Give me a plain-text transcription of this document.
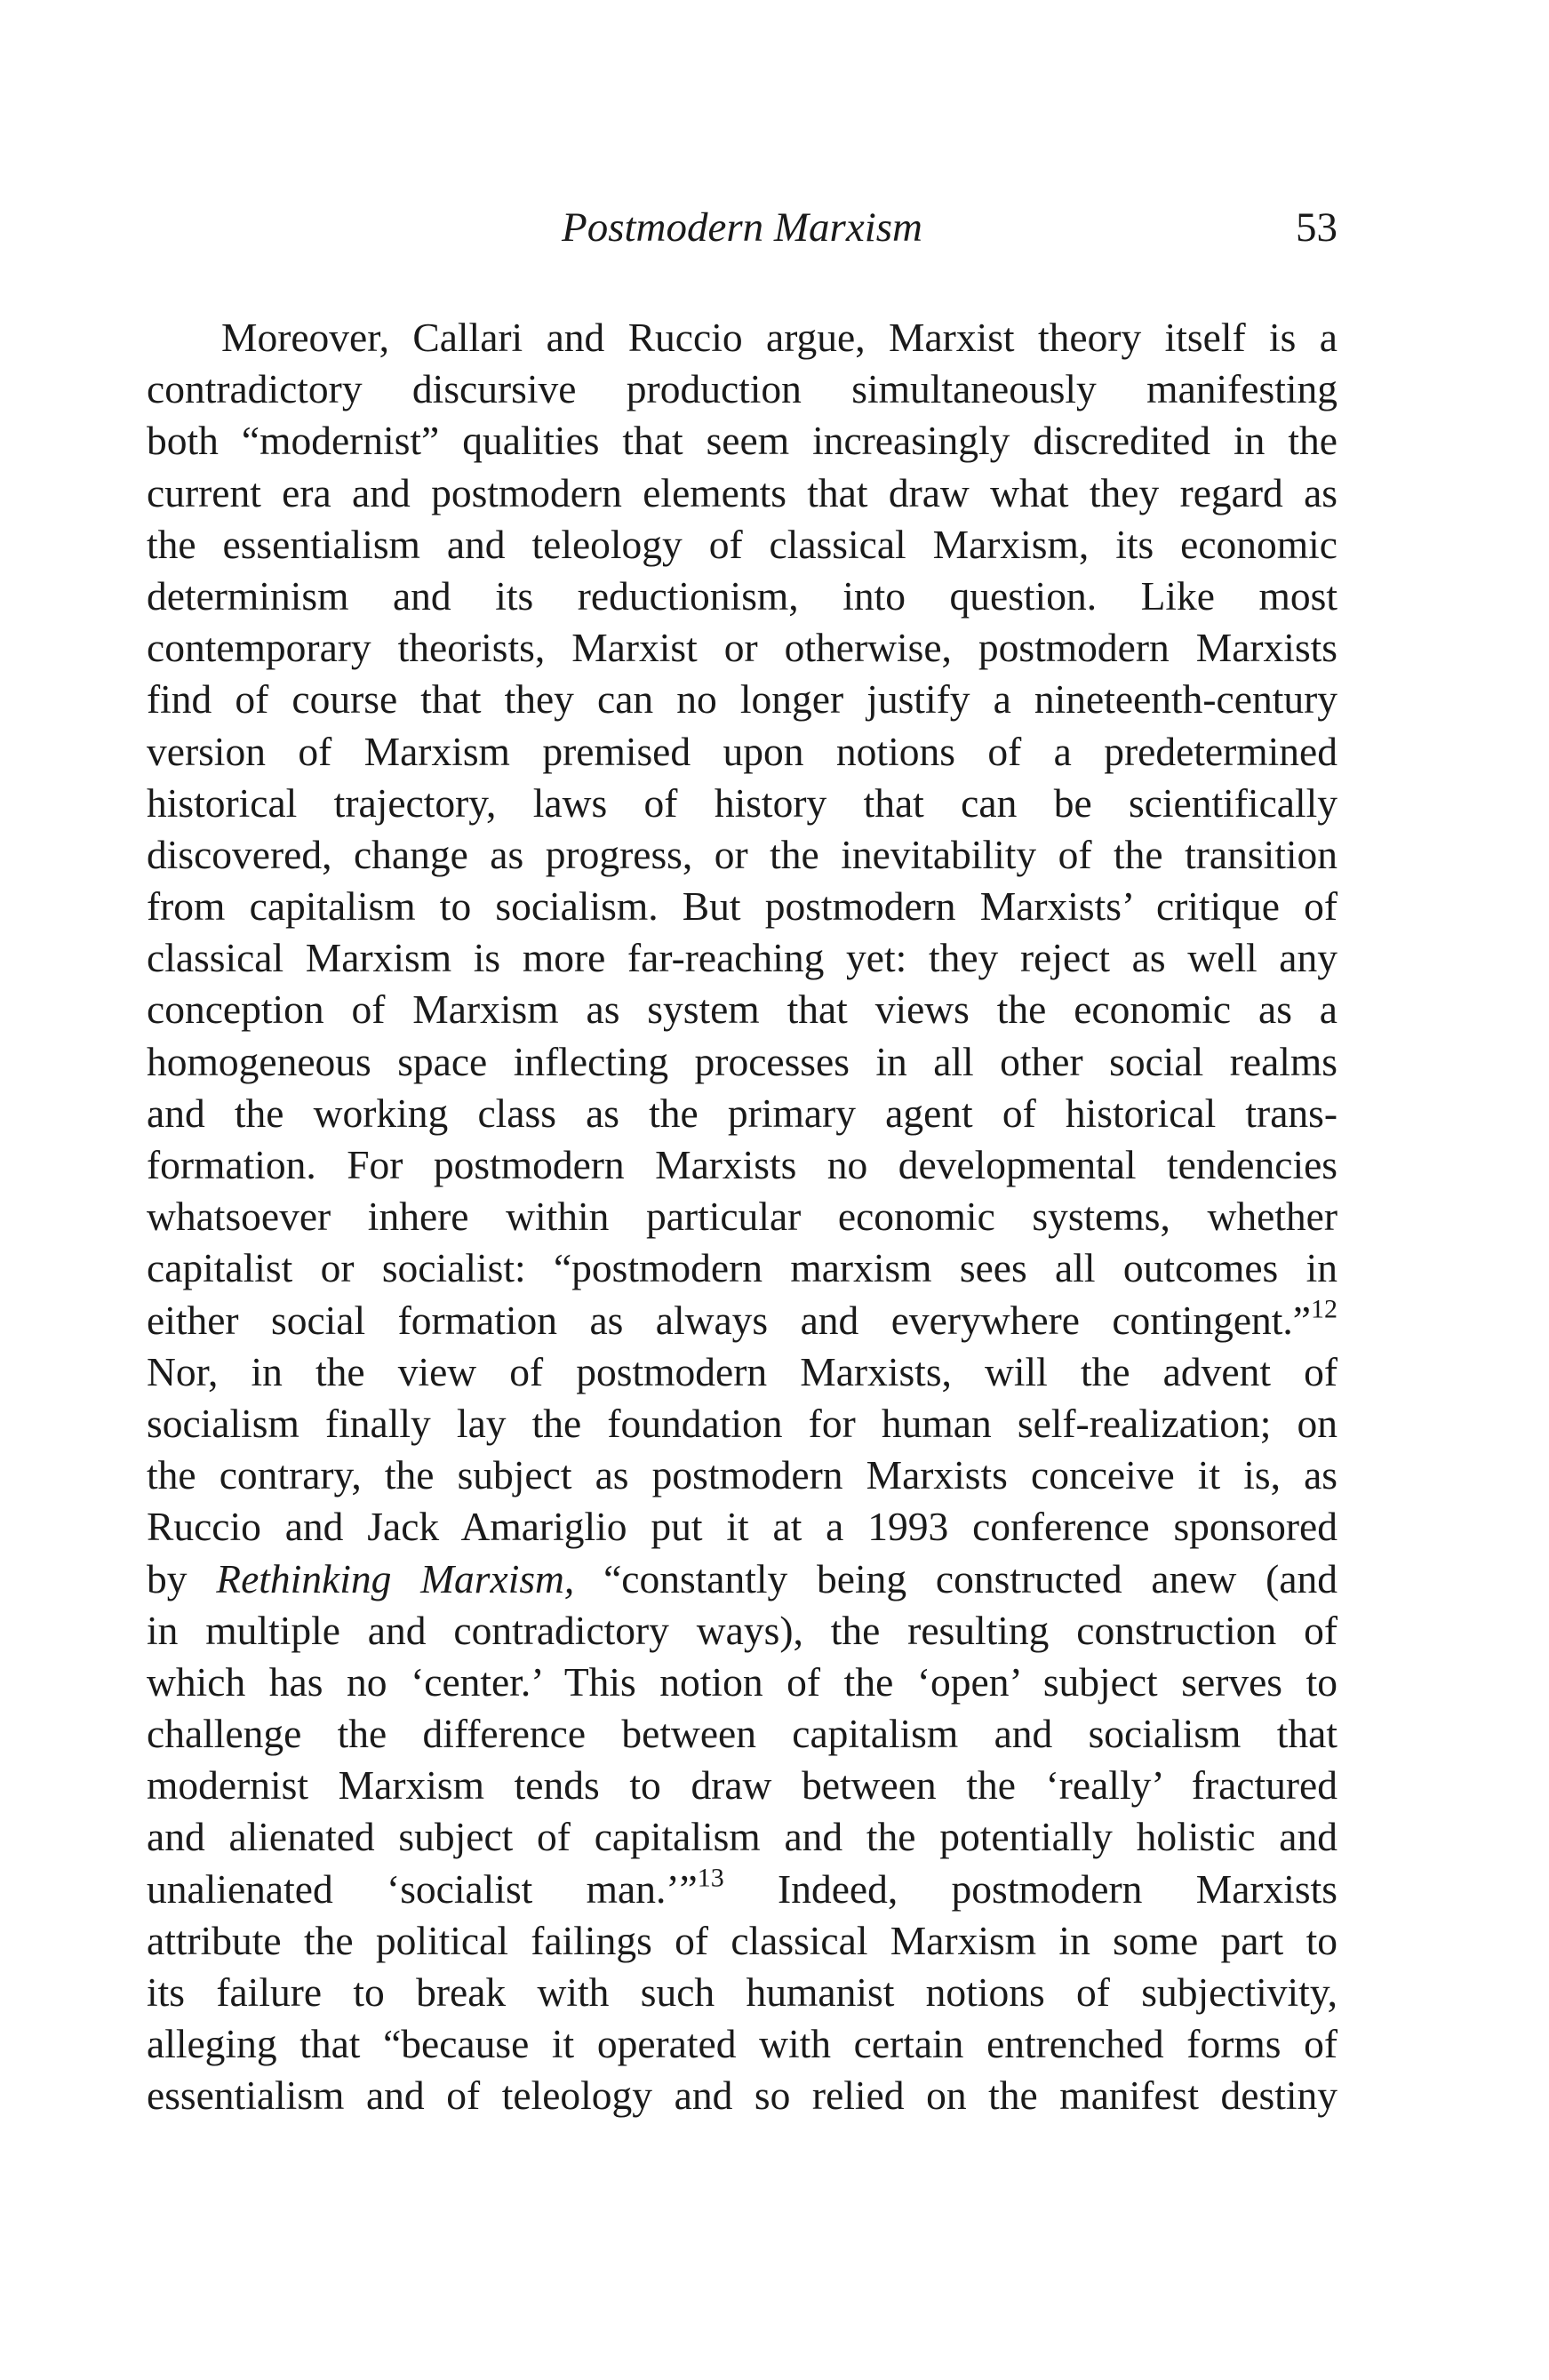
Postmodern Marxism	53
Moreover, Callari and Ruccio argue, Marxist theory itself is a
contradictory discursive production simultaneously manifesting
both “modernist” qualities that seem increasingly discredited in the
current era and postmodern elements that draw what they regard as
the essentialism and teleology of classical Marxism, its economic
determinism and its reductionism, into question. Like most
contemporary theorists, Marxist or otherwise, postmodern Marxists
find of course that they can no longer justify a nineteenth-century
version of Marxism premised upon notions of a predetermined
historical trajectory, laws of history that can be scientifically
discovered, change as progress, or the inevitability of the transition
from capitalism to socialism. But postmodern Marxists’ critique of
classical Marxism is more far-reaching yet: they reject as well any
conception of Marxism as system that views the economic as a
homogeneous space inflecting processes in all other social realms
and the working class as the primary agent of historical trans-
formation. For postmodern Marxists no developmental tendencies
whatsoever inhere within particular economic systems, whether
capitalist or socialist: “postmodern marxism sees all outcomes in
either social formation as always and everywhere contingent.”$^{12}$
Nor, in the view of postmodern Marxists, will the advent of
socialism finally lay the foundation for human self-realization; on
the contrary, the subject as postmodern Marxists conceive it is, as
Ruccio and Jack Amariglio put it at a 1993 conference sponsored
by Rethinking Marxism, “constantly being constructed anew (and
in multiple and contradictory ways), the resulting construction of
which has no ‘center.’ This notion of the ‘open’ subject serves to
challenge the difference between capitalism and socialism that
modernist Marxism tends to draw between the ‘really’ fractured
and alienated subject of capitalism and the potentially holistic and
unalienated ‘socialist man.’”$^{13}$ Indeed, postmodern Marxists
attribute the political failings of classical Marxism in some part to
its failure to break with such humanist notions of subjectivity,
alleging that “because it operated with certain entrenched forms of
essentialism and of teleology and so relied on the manifest destiny
